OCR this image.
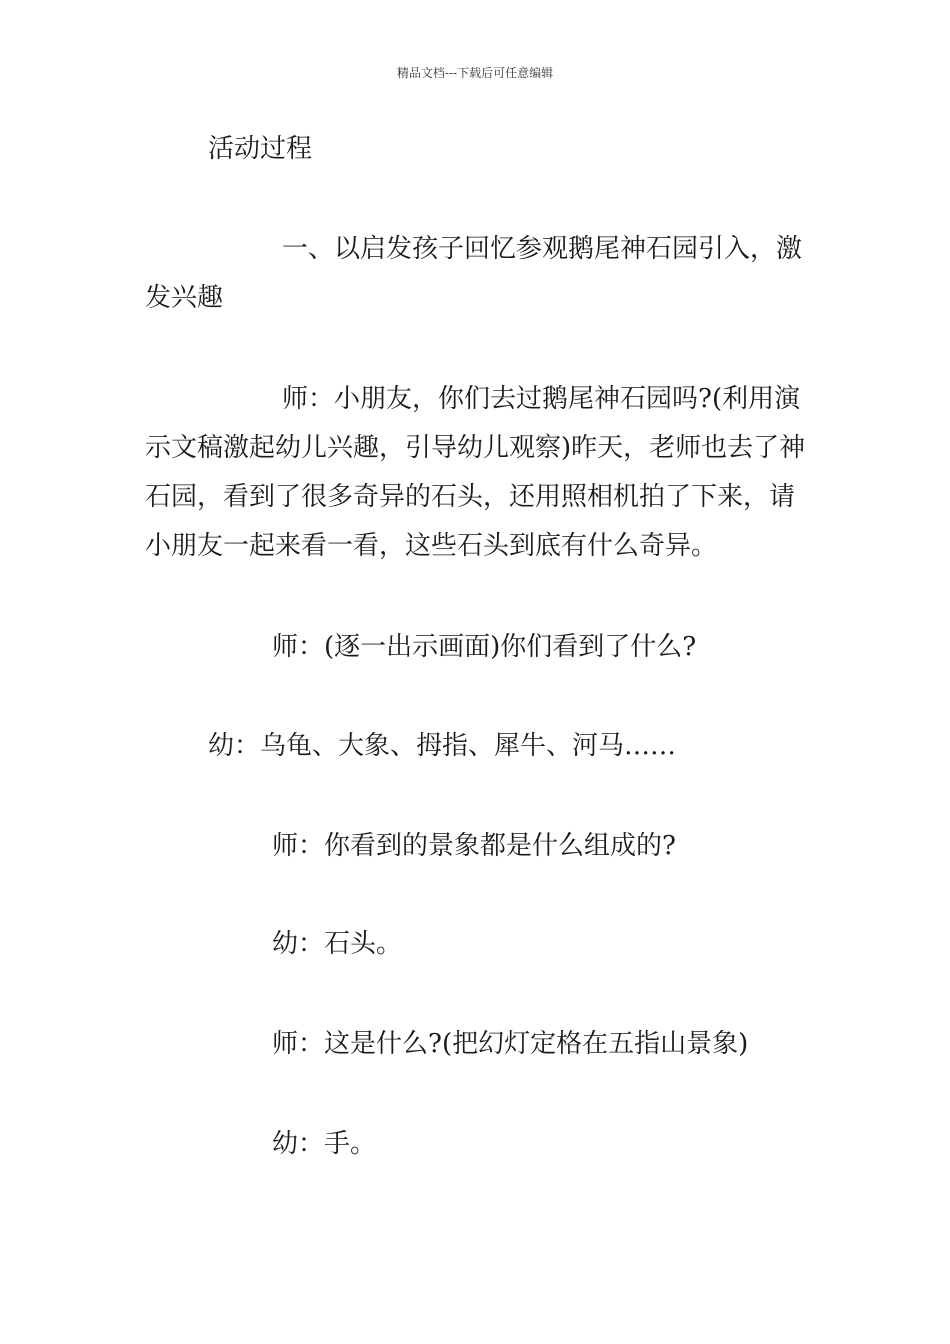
精品文档---下载后可任意编辑

活动过程

一、以启发孩子回忆参观鹅尾神石园引入，激发兴趣

师：小朋友，你们去过鹅尾神石园吗?(利用演示文稿激起幼儿兴趣，引导幼儿观察)昨天，老师也去了神石园，看到了很多奇异的石头，还用照相机拍了下来，请小朋友一起来看一看，这些石头到底有什么奇异。

师：(逐一出示画面)你们看到了什么?

幼：乌龟、大象、拇指、犀牛、河马……

师：你看到的景象都是什么组成的?

幼：石头。

师：这是什么?(把幻灯定格在五指山景象)

幼：手。
